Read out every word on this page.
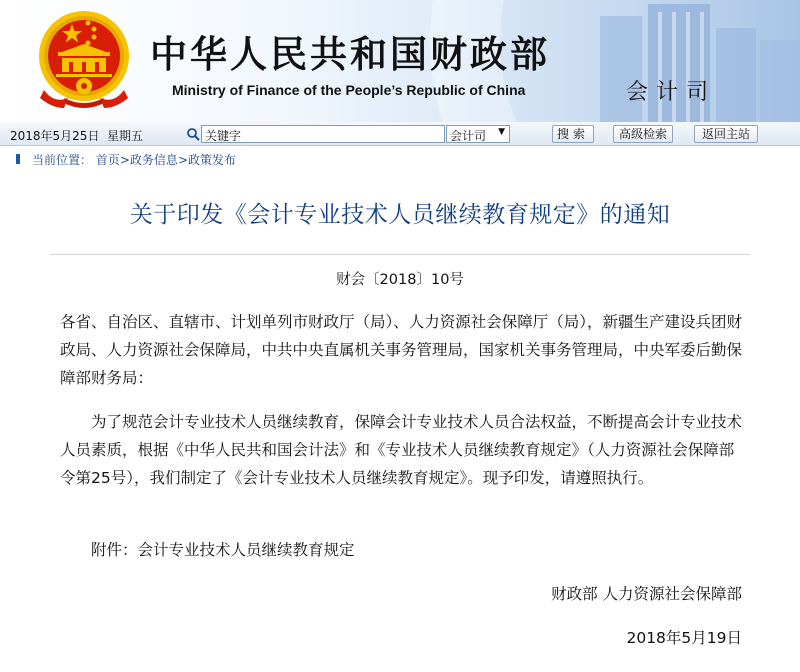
中华人民共和国财政部
Ministry of Finance of the People’s Republic of China	会计司
2018年5月25日 星期五	关键字	会计司 ▼	搜索	高级检索	返回主站
当前位置： 首页>政务信息>政策发布
关于印发《会计专业技术人员继续教育规定》的通知
财会〔2018〕10号
各省、自治区、直辖市、计划单列市财政厅（局）、人力资源社会保障厅（局），新疆生产建设兵团财政局、人力资源社会保障局，中共中央直属机关事务管理局，国家机关事务管理局，中央军委后勤保障部财务局：
为了规范会计专业技术人员继续教育，保障会计专业技术人员合法权益，不断提高会计专业技术人员素质，根据《中华人民共和国会计法》和《专业技术人员继续教育规定》（人力资源社会保障部令第25号），我们制定了《会计专业技术人员继续教育规定》。现予印发，请遵照执行。
附件：会计专业技术人员继续教育规定
财政部 人力资源社会保障部
2018年5月19日
